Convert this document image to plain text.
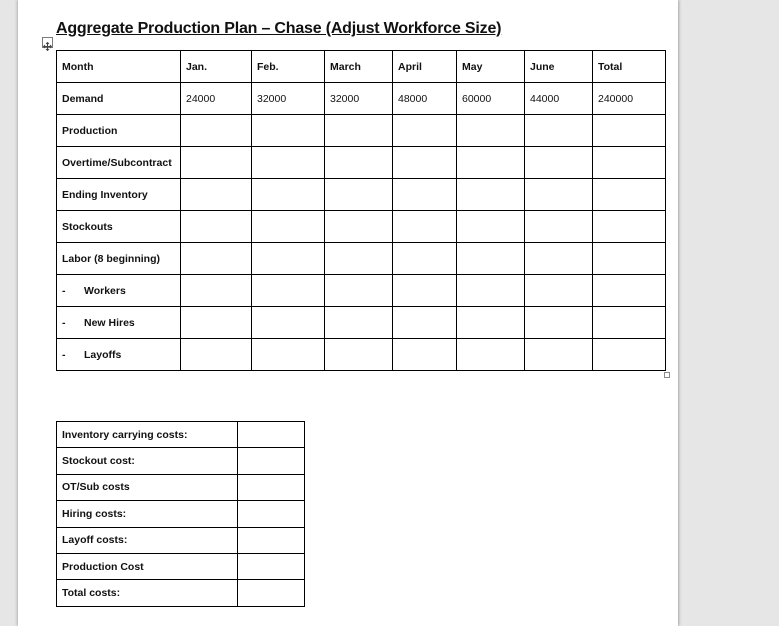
Aggregate Production Plan – Chase (Adjust Workforce Size)
Month	Jan.	Feb.	March	April	May	June	Total
Demand	24000	32000	32000	48000	60000	44000	240000
Production							
Overtime/Subcontract							
Ending Inventory							
Stockouts							
Labor (8 beginning)							
- Workers							
- New Hires							
- Layoffs							
Inventory carrying costs:	
Stockout cost:	
OT/Sub costs	
Hiring costs:	
Layoff costs:	
Production Cost	
Total costs:	
